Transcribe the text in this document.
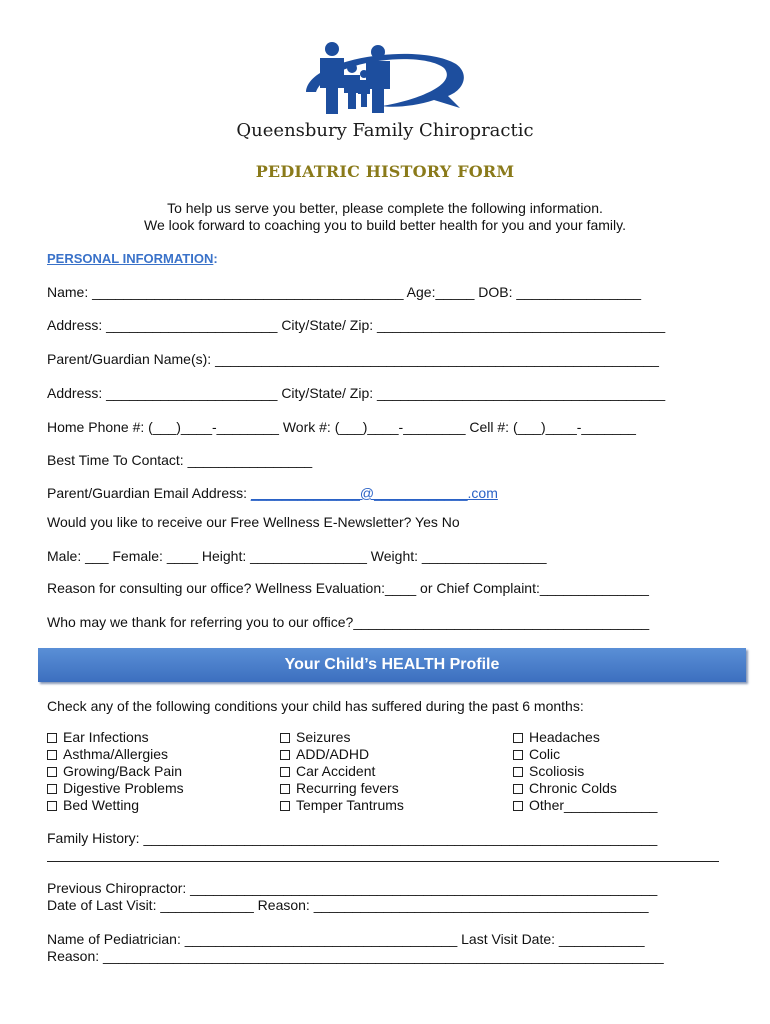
Queensbury Family Chiropractic
PEDIATRIC HISTORY FORM
To help us serve you better, please complete the following information.
We look forward to coaching you to build better health for you and your family.
PERSONAL INFORMATION:
Name: ________________________________________ Age:_____ DOB: ________________
Address: ______________________ City/State/ Zip: _____________________________________
Parent/Guardian Name(s): _________________________________________________________
Address: ______________________ City/State/ Zip: _____________________________________
Home Phone #: (___)____-________ Work #: (___)____-________ Cell #: (___)____-_______
Best Time To Contact: ________________
Parent/Guardian Email Address: ______________@____________.com
Would you like to receive our Free Wellness E-Newsletter? Yes No
Male: ___ Female: ____ Height: _______________ Weight: ________________
Reason for consulting our office? Wellness Evaluation:____ or Chief Complaint:______________
Who may we thank for referring you to our office?______________________________________
Your Child’s HEALTH Profile
Check any of the following conditions your child has suffered during the past 6 months:
Ear Infections
Asthma/Allergies
Growing/Back Pain
Digestive Problems
Bed Wetting
Seizures
ADD/ADHD
Car Accident
Recurring fevers
Temper Tantrums
Headaches
Colic
Scoliosis
Chronic Colds
Other____________
Family History: __________________________________________________________________
Previous Chiropractor: ____________________________________________________________
Date of Last Visit: ____________ Reason: ___________________________________________
Name of Pediatrician: ___________________________________ Last Visit Date: ___________
Reason: ________________________________________________________________________
